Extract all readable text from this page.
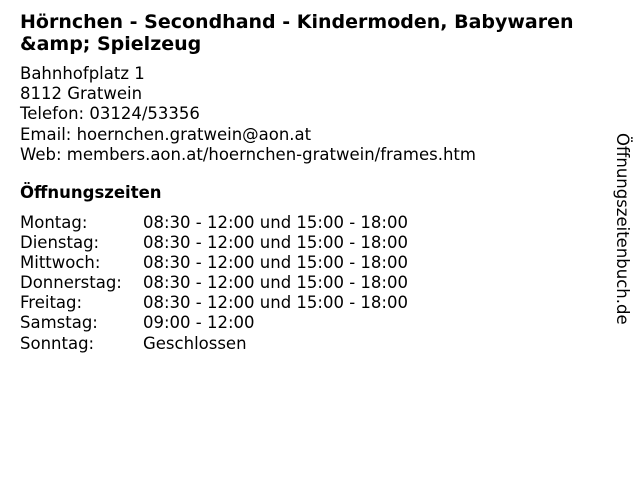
Hörnchen - Secondhand - Kindermoden, Babywaren &amp; Spielzeug
Bahnhofplatz 1
8112 Gratwein
Telefon: 03124/53356
Email: hoernchen.gratwein@aon.at
Web: members.aon.at/hoernchen-gratwein/frames.htm
Öffnungszeiten
Montag:	08:30 - 12:00 und 15:00 - 18:00
Dienstag:	08:30 - 12:00 und 15:00 - 18:00
Mittwoch:	08:30 - 12:00 und 15:00 - 18:00
Donnerstag:	08:30 - 12:00 und 15:00 - 18:00
Freitag:	08:30 - 12:00 und 15:00 - 18:00
Samstag:	09:00 - 12:00
Sonntag:	Geschlossen
Öffnungszeitenbuch.de
